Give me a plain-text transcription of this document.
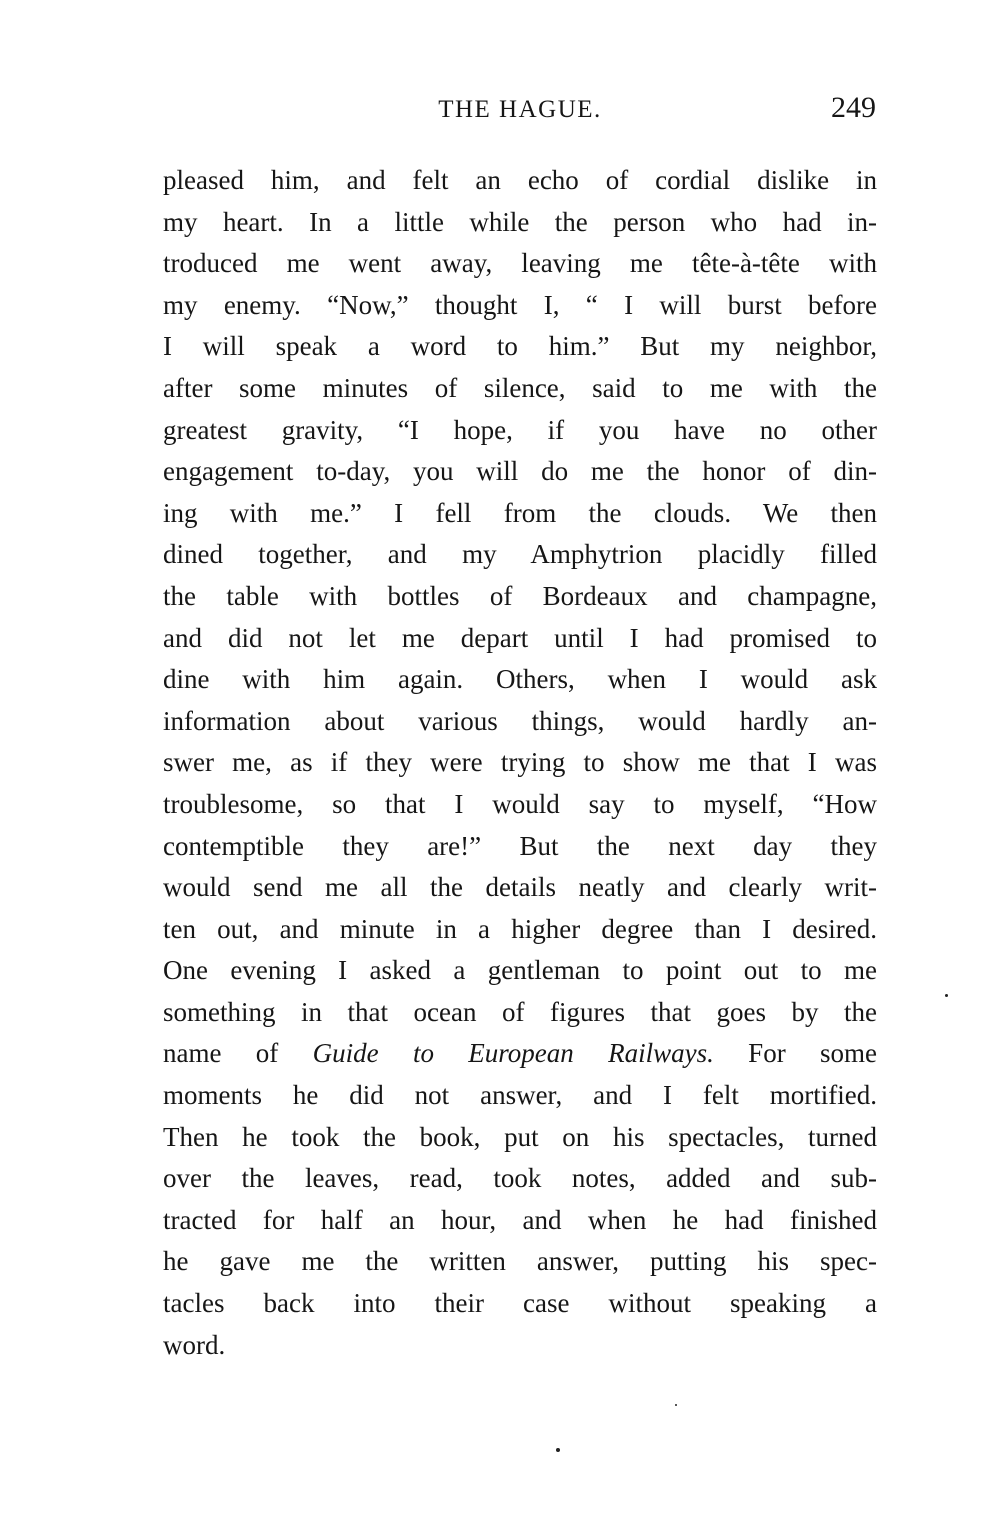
THE HAGUE.	249
pleased him, and felt an echo of cordial dislike in
my heart. In a little while the person who had in-
troduced me went away, leaving me tête-à-tête with
my enemy. “Now,” thought I, “ I will burst before
I will speak a word to him.” But my neighbor,
after some minutes of silence, said to me with the
greatest gravity, “I hope, if you have no other
engagement to-day, you will do me the honor of din-
ing with me.” I fell from the clouds. We then
dined together, and my Amphytrion placidly filled
the table with bottles of Bordeaux and champagne,
and did not let me depart until I had promised to
dine with him again. Others, when I would ask
information about various things, would hardly an-
swer me, as if they were trying to show me that I was
troublesome, so that I would say to myself, “How
contemptible they are!” But the next day they
would send me all the details neatly and clearly writ-
ten out, and minute in a higher degree than I desired.
One evening I asked a gentleman to point out to me
something in that ocean of figures that goes by the
name of Guide to European Railways. For some
moments he did not answer, and I felt mortified.
Then he took the book, put on his spectacles, turned
over the leaves, read, took notes, added and sub-
tracted for half an hour, and when he had finished
he gave me the written answer, putting his spec-
tacles back into their case without speaking a
word.
